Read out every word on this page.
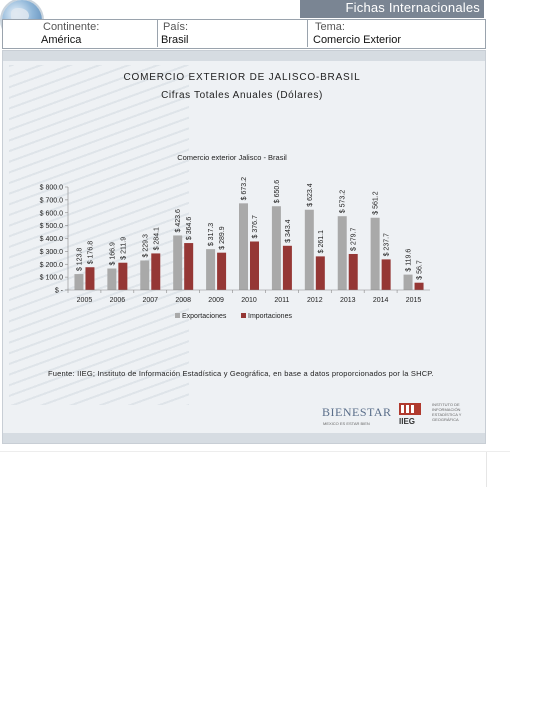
Fichas Internacionales
Continente:
América
País:
Brasil
Tema:
Comercio Exterior
COMERCIO EXTERIOR DE JALISCO-BRASIL
Cifras Totales Anuales (Dólares)
Comercio exterior Jalisco - Brasil
$ -
$ 100.0
$ 200.0
$ 300.0
$ 400.0
$ 500.0
$ 600.0
$ 700.0
$ 800.0
$ 123.8 $ 176.8 $ 166.9 $ 211.9 $ 229.3 $ 284.1
$ 423.6 $ 364.6 $ 317.3 $ 289.9
$ 673.2
$ 376.7
$ 650.6
$ 343.4
$ 623.4
$ 261.1
$ 573.2
$ 279.7
$ 561.2
$ 237.7
$ 119.6 $ 56.7
2005 2006 2007 2008 2009 2010	2011	2012 2013 2014 2015
Exportaciones	Importaciones
Fuente: IIEG; Instituto de Información Estadística y Geográfica, en base a datos proporcionados por la SHCP.
BIENESTAR
MEXICO ES ESTAR BIEN	IIEG
INSTITUTO DE
INFORMACIÓN
ESTADÍSTICA Y
GEOGRÁFICA
